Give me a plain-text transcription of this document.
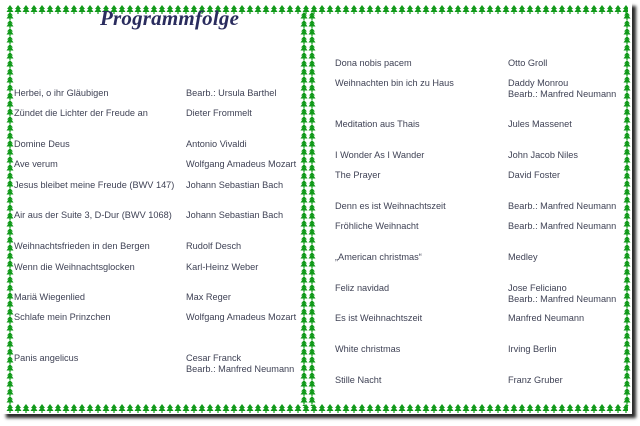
Programmfolge
Herbei, o ihr Gläubigen	Bearb.: Ursula Barthel
Zündet die Lichter der Freude an	Dieter Frommelt
Domine Deus	Antonio Vivaldi
Ave verum	Wolfgang Amadeus Mozart
Jesus bleibet meine Freude (BWV 147) Johann Sebastian Bach
Air aus der Suite 3, D-Dur (BWV 1068) Johann Sebastian Bach
Weihnachtsfrieden in den Bergen	Rudolf Desch
Wenn die Weihnachtsglocken	Karl-Heinz Weber
Mariä Wiegenlied	Max Reger
Schlafe mein Prinzchen	Wolfgang Amadeus Mozart
Panis angelicus	Cesar Franck
Bearb.: Manfred Neumann
Dona nobis pacem	Otto Groll
Weihnachten bin ich zu Haus	Daddy Monrou
Bearb.: Manfred Neumann
Meditation aus Thais	Jules Massenet
I Wonder As I Wander	John Jacob Niles
The Prayer	David Foster
Denn es ist Weihnachtszeit	Bearb.: Manfred Neumann
Fröhliche Weihnacht	Bearb.: Manfred Neumann
„American christmas“	Medley
Feliz navidad	Jose Feliciano
Bearb.: Manfred Neumann
Es ist Weihnachtszeit	Manfred Neumann
White christmas	Irving Berlin
Stille Nacht	Franz Gruber
